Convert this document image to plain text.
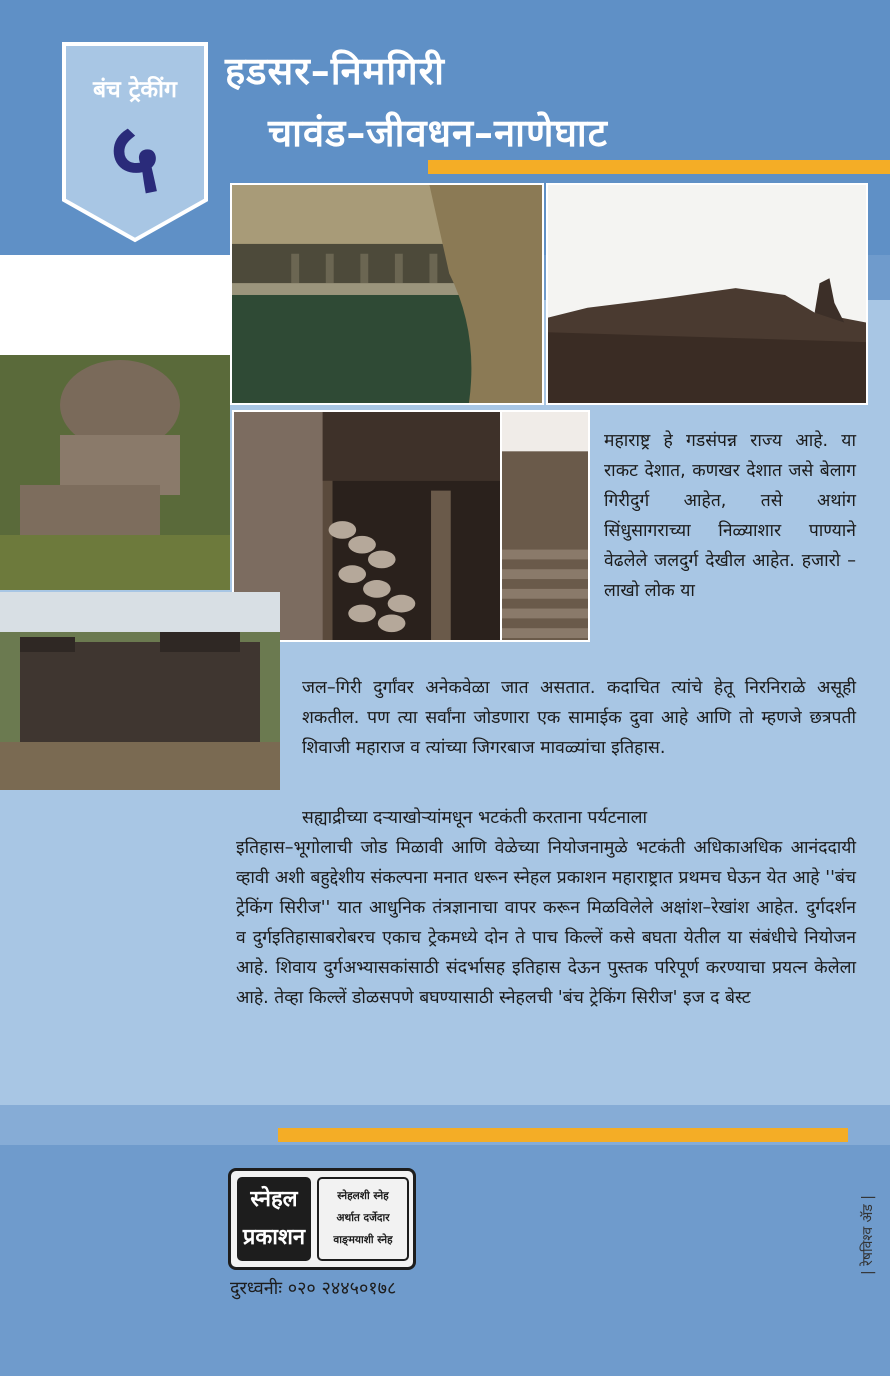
बंच ट्रेकींग
५
हडसर–निमगिरी
चावंड–जीवधन–नाणेघाट
महाराष्ट्र हे गडसंपन्न राज्य आहे. या राकट देशात, कणखर देशात जसे बेलाग गिरीदुर्ग आहेत, तसे अथांग सिंधुसागराच्या निळ्याशार पाण्याने वेढलेले जलदुर्ग देखील आहेत. हजारो –लाखो लोक या
जल–गिरी दुर्गांवर अनेकवेळा जात असतात. कदाचित त्यांचे हेतू निरनिराळे असूही शकतील. पण त्या सर्वांना जोडणारा एक सामाईक दुवा आहे आणि तो म्हणजे छत्रपती शिवाजी महाराज व त्यांच्या जिगरबाज मावळ्यांचा इतिहास.
सह्याद्रीच्या दऱ्याखोऱ्यांमधून भटकंती करताना पर्यटनाला
इतिहास–भूगोलाची जोड मिळावी आणि वेळेच्या नियोजनामुळे भटकंती अधिकाअधिक आनंददायी व्हावी अशी बहुद्देशीय संकल्पना मनात धरून स्नेहल प्रकाशन महाराष्ट्रात प्रथमच घेऊन येत आहे ''बंच ट्रेकिंग सिरीज'' यात आधुनिक तंत्रज्ञानाचा वापर करून मिळविलेले अक्षांश–रेखांश आहेत. दुर्गदर्शन व दुर्गइतिहासाबरोबरच एकाच ट्रेकमध्ये दोन ते पाच किल्लें कसे बघता येतील या संबंधीचे नियोजन आहे. शिवाय दुर्गअभ्यासकांसाठी संदर्भासह इतिहास देऊन पुस्तक परिपूर्ण करण्याचा प्रयत्न केलेला आहे. तेव्हा किल्लें डोळसपणे बघण्यासाठी स्नेहलची 'बंच ट्रेकिंग सिरीज' इज द बेस्ट
स्नेहल
प्रकाशन
स्नेहलशी स्नेह
अर्थात दर्जेदार
वाङ्‌मयाशी स्नेह
दुरध्वनीः ०२० २४४५०१७८
| रेषविश्व ॲड |
